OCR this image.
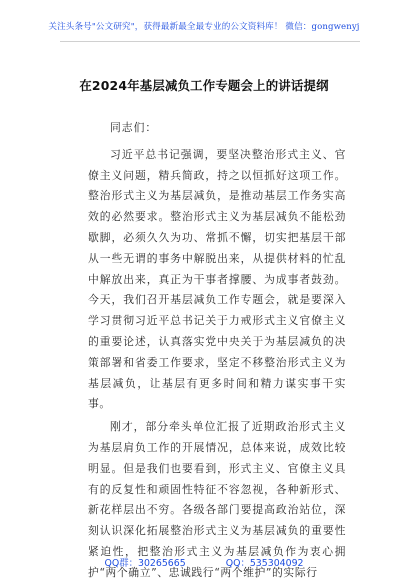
关注头条号"公文研究"，获得最新最全最专业的公文资料库！ 微信：gongwenyj
在2024年基层减负工作专题会上的讲话提纲

同志们：

习近平总书记强调，要坚决整治形式主义、官僚主义问题，精兵简政，持之以恒抓好这项工作。整治形式主义为基层减负，是推动基层工作务实高效的必然要求。整治形式主义为基层减负不能松劲歇脚，必须久久为功、常抓不懈，切实把基层干部从一些无谓的事务中解脱出来，从提供材料的忙乱中解放出来，真正为干事者撑腰、为成事者鼓劲。今天，我们召开基层减负工作专题会，就是要深入学习贯彻习近平总书记关于力戒形式主义官僚主义的重要论述，认真落实党中央关于为基层减负的决策部署和省委工作要求，坚定不移整治形式主义为基层减负，让基层有更多时间和精力谋实事干实事。

刚才，部分牵头单位汇报了近期政治形式主义为基层肩负工作的开展情况，总体来说，成效比较明显。但是我们也要看到，形式主义、官僚主义具有的反复性和顽固性特征不容忽视，各种新形式、新花样层出不穷。各级各部门要提高政治站位，深刻认识深化拓展整治形式主义为基层减负的重要性紧迫性，把整治形式主义为基层减负作为衷心拥护“两个确立”、忠诚践行“两个维护”的实际行

QQ群：30265665	QQ：535304092
